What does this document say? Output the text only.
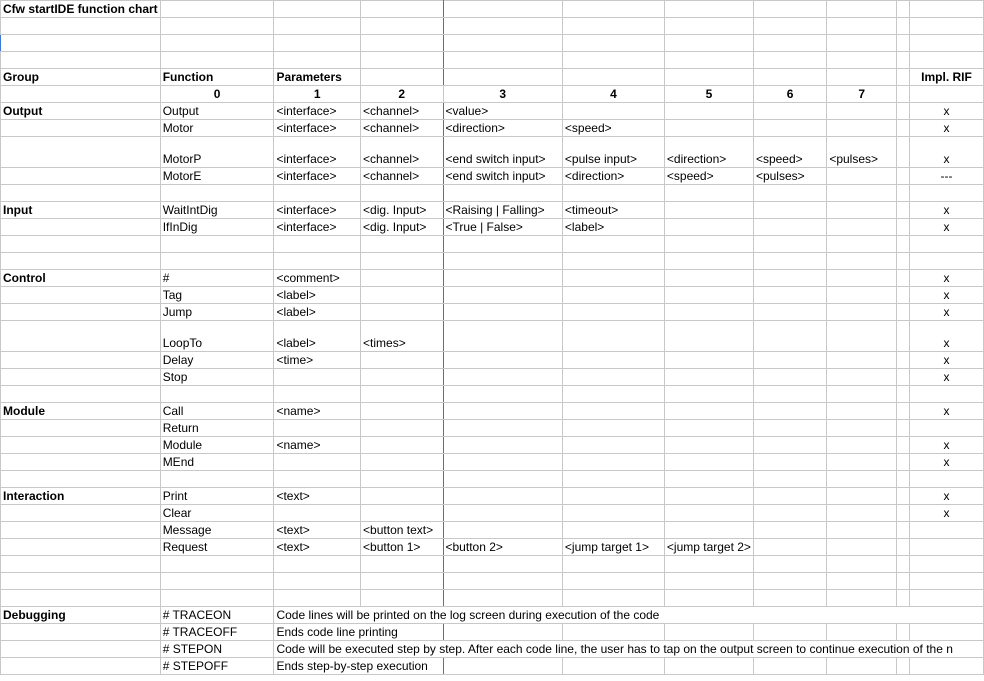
Cfw startIDE function chart										

Group	Function	Parameters								Impl. RIF
	0	1	2	3	4	5	6	7		
Output	Output	<interface>	<channel>	<value>						x
	Motor	<interface>	<channel>	<direction>	<speed>					x
	MotorP	<interface>	<channel>	<end switch input>	<pulse input>	<direction>	<speed>	<pulses>		x
	MotorE	<interface>	<channel>	<end switch input>	<direction>	<speed>	<pulses>			---

Input	WaitIntDig	<interface>	<dig. Input>	<Raising | Falling>	<timeout>					x
	IfInDig	<interface>	<dig. Input>	<True | False>	<label>					x

Control	#	<comment>								x
	Tag	<label>								x
	Jump	<label>								x
	LoopTo	<label>	<times>							x
	Delay	<time>								x
	Stop									x

Module	Call	<name>								x
	Return									
	Module	<name>								x
	MEnd									x

Interaction	Print	<text>								x
	Clear									x
	Message	<text>	<button text>							
	Request	<text>	<button 1>	<button 2>	<jump target 1>	<jump target 2>				

Debugging	# TRACEON	Code lines will be printed on the log screen during execution of the code								
	# TRACEOFF	Ends code line printing								
	# STEPON	Code will be executed step by step. After each code line, the user has to tap on the output screen to continue execution of the n								
	# STEPOFF	Ends step-by-step execution								
